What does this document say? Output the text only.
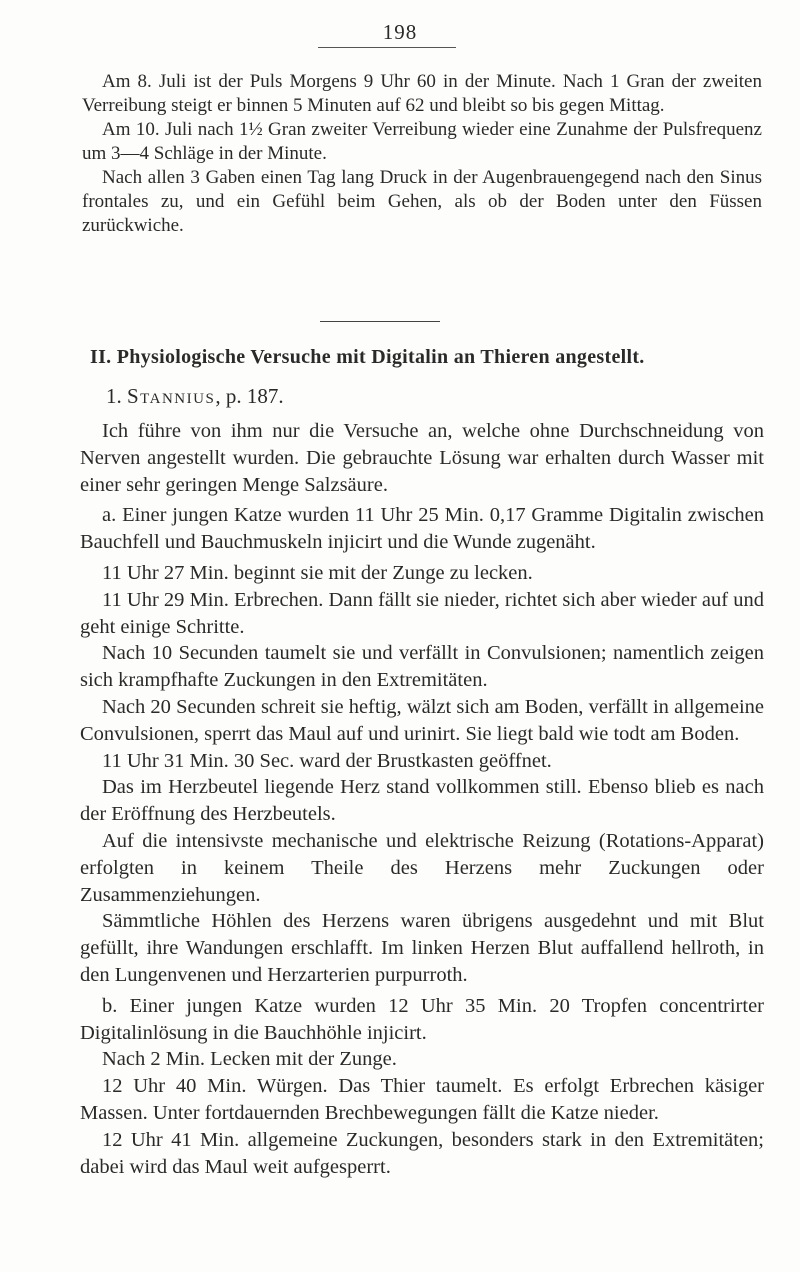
198

Am 8. Juli ist der Puls Morgens 9 Uhr 60 in der Minute. Nach 1 Gran der zweiten Verreibung steigt er binnen 5 Minuten auf 62 und bleibt so bis gegen Mittag.

Am 10. Juli nach 1½ Gran zweiter Verreibung wieder eine Zunahme der Pulsfrequenz um 3—4 Schläge in der Minute.

Nach allen 3 Gaben einen Tag lang Druck in der Augenbrauengegend nach den Sinus frontales zu, und ein Gefühl beim Gehen, als ob der Boden unter den Füssen zurückwiche.

II. Physiologische Versuche mit Digitalin an Thieren angestellt.
1. Stannius, p. 187.

Ich führe von ihm nur die Versuche an, welche ohne Durchschneidung von Nerven angestellt wurden. Die gebrauchte Lösung war erhalten durch Wasser mit einer sehr geringen Menge Salzsäure.

a. Einer jungen Katze wurden 11 Uhr 25 Min. 0,17 Gramme Digitalin zwischen Bauchfell und Bauchmuskeln injicirt und die Wunde zugenäht.

11 Uhr 27 Min. beginnt sie mit der Zunge zu lecken.

11 Uhr 29 Min. Erbrechen. Dann fällt sie nieder, richtet sich aber wieder auf und geht einige Schritte.

Nach 10 Secunden taumelt sie und verfällt in Convulsionen; namentlich zeigen sich krampfhafte Zuckungen in den Extremitäten.

Nach 20 Secunden schreit sie heftig, wälzt sich am Boden, verfällt in allgemeine Convulsionen, sperrt das Maul auf und urinirt. Sie liegt bald wie todt am Boden.

11 Uhr 31 Min. 30 Sec. ward der Brustkasten geöffnet.

Das im Herzbeutel liegende Herz stand vollkommen still. Ebenso blieb es nach der Eröffnung des Herzbeutels.

Auf die intensivste mechanische und elektrische Reizung (Rotations-Apparat) erfolgten in keinem Theile des Herzens mehr Zuckungen oder Zusammenziehungen.

Sämmtliche Höhlen des Herzens waren übrigens ausgedehnt und mit Blut gefüllt, ihre Wandungen erschlafft. Im linken Herzen Blut auffallend hellroth, in den Lungenvenen und Herzarterien purpurroth.

b. Einer jungen Katze wurden 12 Uhr 35 Min. 20 Tropfen concentrirter Digitalinlösung in die Bauchhöhle injicirt.

Nach 2 Min. Lecken mit der Zunge.

12 Uhr 40 Min. Würgen. Das Thier taumelt. Es erfolgt Erbrechen käsiger Massen. Unter fortdauernden Brechbewegungen fällt die Katze nieder.

12 Uhr 41 Min. allgemeine Zuckungen, besonders stark in den Extremitäten; dabei wird das Maul weit aufgesperrt.
